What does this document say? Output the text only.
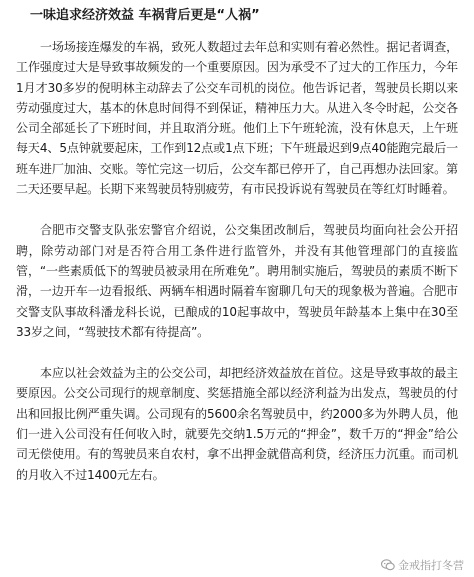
一味追求经济效益 车祸背后更是“人祸”

一场场接连爆发的车祸，致死人数超过去年总和实则有着必然性。据记者调查，工作强度过大是导致事故频发的一个重要原因。因为承受不了过大的工作压力，今年1月才30多岁的倪明林主动辞去了公交车司机的岗位。他告诉记者，驾驶员长期以来劳动强度过大，基本的休息时间得不到保证，精神压力大。从进入冬令时起，公交各公司全部延长了下班时间，并且取消分班。他们上下午班轮流，没有休息天，上午班每天4、5点钟就要起床，工作到12点或1点下班；下午班最迟到9点40能跑完最后一班车进厂加油、交账。等忙完这一切后，公交车都已停开了，自己再想办法回家。第二天还要早起。长期下来驾驶员特别疲劳，有市民投诉说有驾驶员在等红灯时睡着。

合肥市交警支队张宏警官介绍说，公交集团改制后，驾驶员均面向社会公开招聘，除劳动部门对是否符合用工条件进行监管外，并没有其他管理部门的直接监管，“一些素质低下的驾驶员被录用在所难免”。聘用制实施后，驾驶员的素质不断下滑，一边开车一边看报纸、两辆车相遇时隔着车窗聊几句天的现象极为普遍。合肥市交警支队事故科潘龙科长说，已酿成的10起事故中，驾驶员年龄基本上集中在30至33岁之间，“驾驶技术都有待提高”。

本应以社会效益为主的公交公司，却把经济效益放在首位。这是导致事故的最主要原因。公交公司现行的规章制度、奖惩措施全部以经济利益为出发点，驾驶员的付出和回报比例严重失调。公司现有的5600余名驾驶员中，约2000多为外聘人员，他们一进入公司没有任何收入时，就要先交纳1.5万元的“押金”，数千万的“押金”给公司无偿使用。有的驾驶员来自农村，拿不出押金就借高利贷，经济压力沉重。而司机的月收入不过1400元左右。

金戒指打冬营
